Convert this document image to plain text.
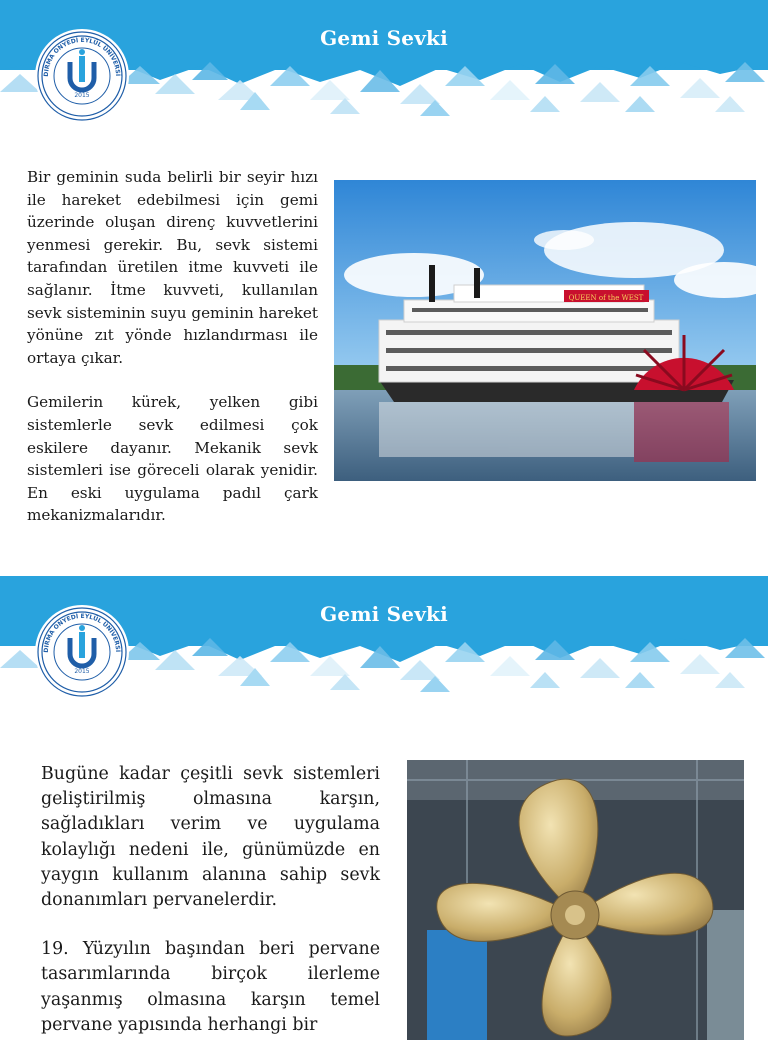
Gemi Sevki
2015
DIRMA ONYEDİ EYLÜL ÜNİVERSİ

Bir geminin suda belirli bir seyir hızı ile hareket edebilmesi için gemi üzerinde oluşan direnç kuvvetlerini yenmesi gerekir. Bu, sevk sistemi tarafından üretilen itme kuvveti ile sağlanır. İtme kuvveti, kullanılan sevk sisteminin suyu geminin hareket yönüne zıt yönde hızlandırması ile ortaya çıkar.

Gemilerin kürek, yelken gibi sistemlerle sevk edilmesi çok eskilere dayanır. Mekanik sevk sistemleri ise göreceli olarak yenidir. En eski uygulama padıl çark mekanizmalarıdır.

QUEEN of the WEST
Gemi Sevki
2015
DIRMA ONYEDİ EYLÜL ÜNİVERSİ

Bugüne kadar çeşitli sevk sistemleri geliştirilmiş olmasına karşın, sağladıkları verim ve uygulama kolaylığı nedeni ile, günümüzde en yaygın kullanım alanına sahip sevk donanımları pervanelerdir.

19. Yüzyılın başından beri pervane tasarımlarında birçok ilerleme yaşanmış olmasına karşın temel pervane yapısında herhangi bir
